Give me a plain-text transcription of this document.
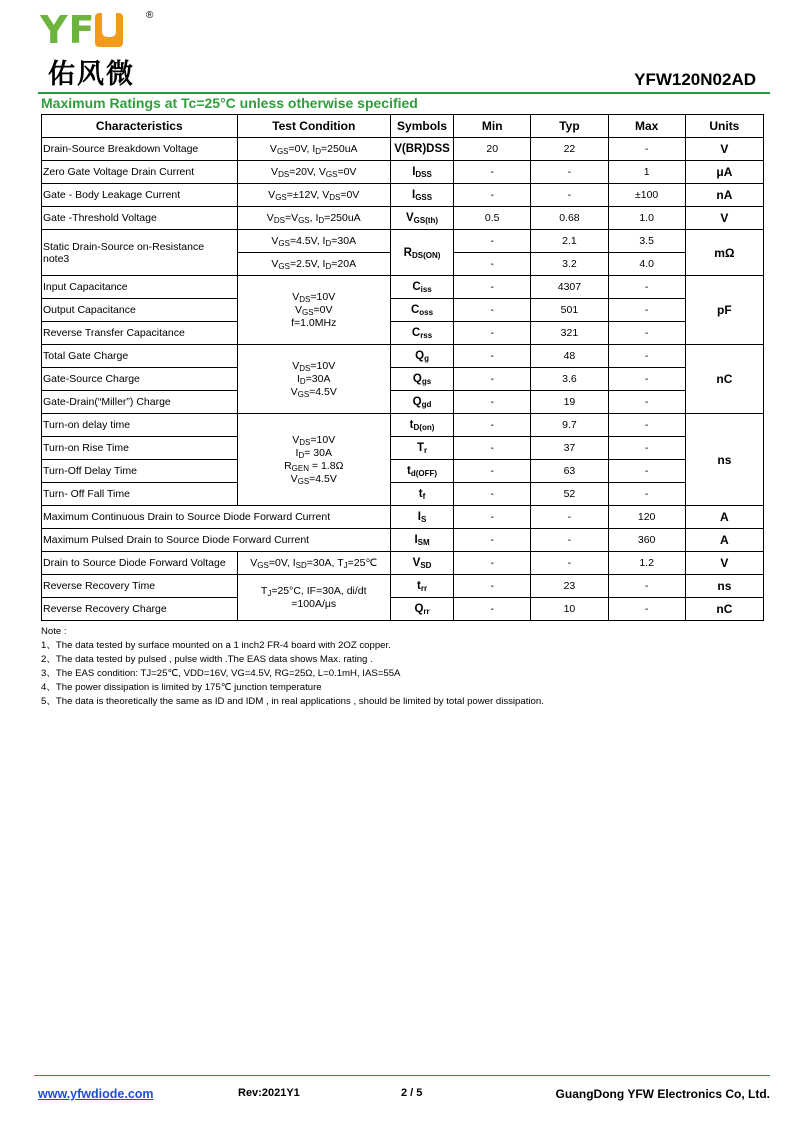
YF	®
佑风微	YFW120N02AD
Maximum Ratings at Tc=25°C unless otherwise specified
Characteristics	Test Condition	Symbols	Min	Typ	Max	Units
Drain-Source Breakdown Voltage	$V_{GS}=0V$, $I_D=250uA$	V(BR)DSS	20	22	-	V
Zero Gate Voltage Drain Current	$V_{DS}=20V$, $V_{GS}=0V$	$I_{DSS}$	-	-	1	μA
Gate - Body Leakage Current	$V_{GS}=\pm 12V$, $V_{DS}=0V$	$I_{GSS}$	-	-	±100	nA
Gate -Threshold Voltage	$V_{DS}=V_{GS}$, $I_D=250uA$	$V_{GS(th)}$	0.5	0.68	1.0	V
Static Drain-Source on-Resistance
note3	$V_{GS}=4.5V$, $I_D=30A$	$R_{DS(ON)}$	-	2.1	3.5	mΩ
	$V_{GS}=2.5V$, $I_D=20A$		-	3.2	4.0	
Input Capacitance	$V_{DS}=10V$
$V_{GS}=0V$
f=1.0MHz	$C_{iss}$	-	4307	-	pF
Output Capacitance		$C_{oss}$	-	501	-	
Reverse Transfer Capacitance		$C_{rss}$	-	321	-	
Total Gate Charge	$V_{DS}=10V$
$I_D=30A$
$V_{GS}=4.5V$	$Q_g$	-	48	-	nC
Gate-Source Charge		$Q_{gs}$	-	3.6	-	
Gate-Drain(“Miller”) Charge		$Q_{gd}$	-	19	-	
Turn-on delay time	$V_{DS}=10V$
$I_D= 30A$
$R_{GEN} = 1.8\Omega$
$V_{GS}=4.5V$	$t_{D(on)}$	-	9.7	-	ns
Turn-on Rise Time		$T_r$	-	37	-	
Turn-Off Delay Time		$t_{d(OFF)}$	-	63	-	
Turn- Off Fall Time		$t_f$	-	52	-	
Maximum Continuous Drain to Source Diode Forward Current		$I_S$	-	-	120	A
Maximum Pulsed Drain to Source Diode Forward Current		$I_{SM}$	-	-	360	A
Drain to Source Diode Forward Voltage	$V_{GS}=0V$, $I_{SD}=30A$, $T_J=25℃$	$V_{SD}$	-	-	1.2	V
Reverse Recovery Time	$T_J=25^\circ C$, IF=30A, di/dt
=100A/μs	$t_{rr}$	-	23	-	ns
Reverse Recovery Charge		$Q_{rr}$	-	10	-	nC
Note :
1、The data tested by surface mounted on a 1 inch2 FR-4 board with 2OZ copper.
2、The data tested by pulsed , pulse width .The EAS data shows Max. rating .
3、The EAS condition: TJ=25℃, VDD=16V, VG=4.5V, RG=25Ω, L=0.1mH, IAS=55A
4、The power dissipation is limited by 175℃ junction temperature
5、The data is theoretically the same as ID and IDM , in real applications , should be limited by total power dissipation.
www.yfwdiode.com	Rev:2021Y1	2 / 5	GuangDong YFW Electronics Co, Ltd.
